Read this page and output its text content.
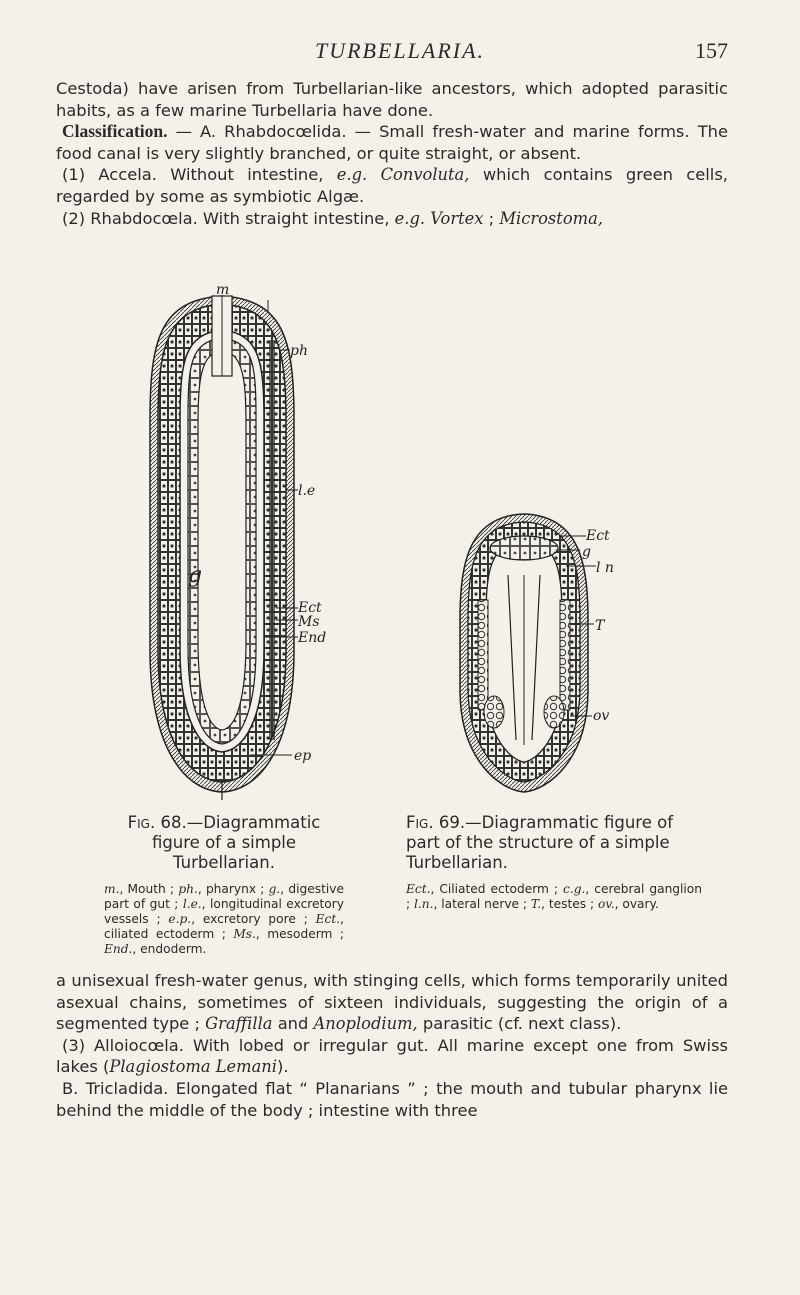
TURBELLARIA.	157

Cestoda) have arisen from Turbellarian-like ancestors, which adopted parasitic habits, as a few marine Turbellaria have done.

Classification. — A. Rhabdocœlida. — Small fresh-water and marine forms. The food canal is very slightly branched, or quite straight, or absent.

(1) Accela. Without intestine, e.g. Convoluta, which contains green cells, regarded by some as symbiotic Algæ.

(2) Rhabdocœla. With straight intestine, e.g. Vortex ; Microstoma,

m
ph
l.e
Ect
Ms
End
g
ep
Ect
g
l n
T
ov
Fig. 68.—Diagrammatic figure of a simple Turbellarian.
m., Mouth ; ph., pharynx ; g., digestive part of gut ; l.e., longitudinal excretory vessels ; e.p., excretory pore ; Ect., ciliated ectoderm ; Ms., mesoderm ; End., endoderm.
Fig. 69.—Diagrammatic figure of part of the structure of a simple Turbellarian.
Ect., Ciliated ectoderm ; c.g., cerebral ganglion ; l.n., lateral nerve ; T., testes ; ov., ovary.

a unisexual fresh-water genus, with stinging cells, which forms temporarily united asexual chains, sometimes of sixteen individuals, suggesting the origin of a segmented type ; Graffilla and Anoplodium, parasitic (cf. next class).

(3) Alloiocœla. With lobed or irregular gut. All marine except one from Swiss lakes (Plagiostoma Lemani).

B. Tricladida. Elongated flat “ Planarians ” ; the mouth and tubular pharynx lie behind the middle of the body ; intestine with three
